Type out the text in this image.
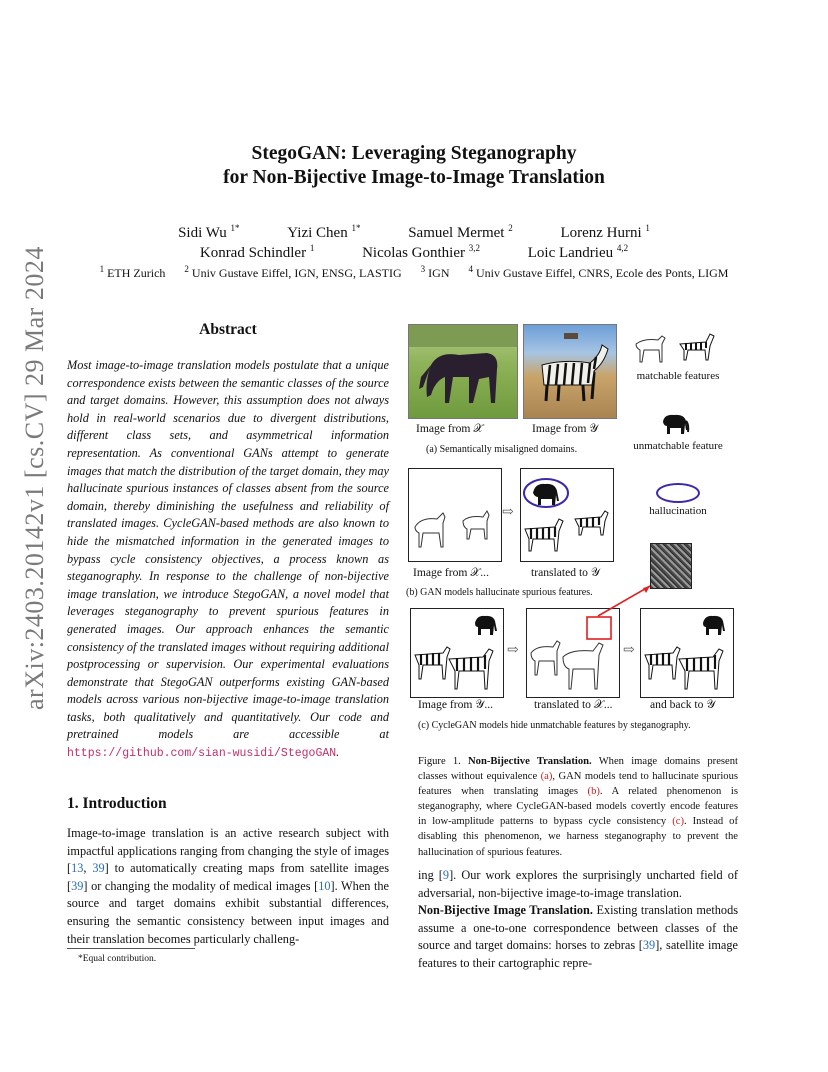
arXiv:2403.20142v1 [cs.CV] 29 Mar 2024
StegoGAN: Leveraging Steganography
for Non-Bijective Image-to-Image Translation
Sidi Wu $^{1*}$	Yizi Chen $^{1*}$	Samuel Mermet $^2$	Lorenz Hurni $^1$
Konrad Schindler $^1$	Nicolas Gonthier $^{3,2}$	Loic Landrieu $^{4,2}$
$^1$ ETH Zurich $^2$ Univ Gustave Eiffel, IGN, ENSG, LASTIG $^3$ IGN $^4$ Univ Gustave Eiffel, CNRS, Ecole des Ponts, LIGM
Abstract
Most image-to-image translation models postulate that a unique correspondence exists between the semantic classes of the source and target domains. However, this assumption does not always hold in real-world scenarios due to divergent distributions, different class sets, and asymmetrical information representation. As conventional GANs attempt to generate images that match the distribution of the target domain, they may hallucinate spurious instances of classes absent from the source domain, thereby diminishing the usefulness and reliability of translated images. CycleGAN-based methods are also known to hide the mismatched information in the generated images to bypass cycle consistency objectives, a process known as steganography. In response to the challenge of non-bijective image translation, we introduce StegoGAN, a novel model that leverages steganography to prevent spurious features in generated images. Our approach enhances the semantic consistency of the translated images without requiring additional postprocessing or supervision. Our experimental evaluations demonstrate that StegoGAN outperforms existing GAN-based models across various non-bijective image-to-image translation tasks, both qualitatively and quantitatively. Our code and pretrained models are accessible at https://github.com/sian-wusidi/StegoGAN.
1. Introduction
Image-to-image translation is an active research subject with impactful applications ranging from changing the style of images [13, 39] to automatically creating maps from satellite images [39] or changing the modality of medical images [10]. When the source and target domains exhibit substantial differences, ensuring the semantic consistency between input images and their translation becomes particularly challeng-
*Equal contribution.
Image from 𝒳	Image from 𝒴
(a) Semantically misaligned domains.
matchable features
unmatchable feature
hallucination
⇨
Image from 𝒳...	translated to 𝒴
(b) GAN models hallucinate spurious features.
⇨	⇨
Image from 𝒴...	translated to 𝒳...	and back to 𝒴
(c) CycleGAN models hide unmatchable features by steganography.
Figure 1. Non-Bijective Translation. When image domains present classes without equivalence (a), GAN models tend to hallucinate spurious features when translating images (b). A related phenomenon is steganography, where CycleGAN-based models covertly encode features in low-amplitude patterns to bypass cycle consistency (c). Instead of disabling this phenomenon, we harness steganography to prevent the hallucination of spurious features.
ing [9]. Our work explores the surprisingly uncharted field of adversarial, non-bijective image-to-image translation.
Non-Bijective Image Translation. Existing translation methods assume a one-to-one correspondence between classes of the source and target domains: horses to zebras [39], satellite image features to their cartographic repre-
